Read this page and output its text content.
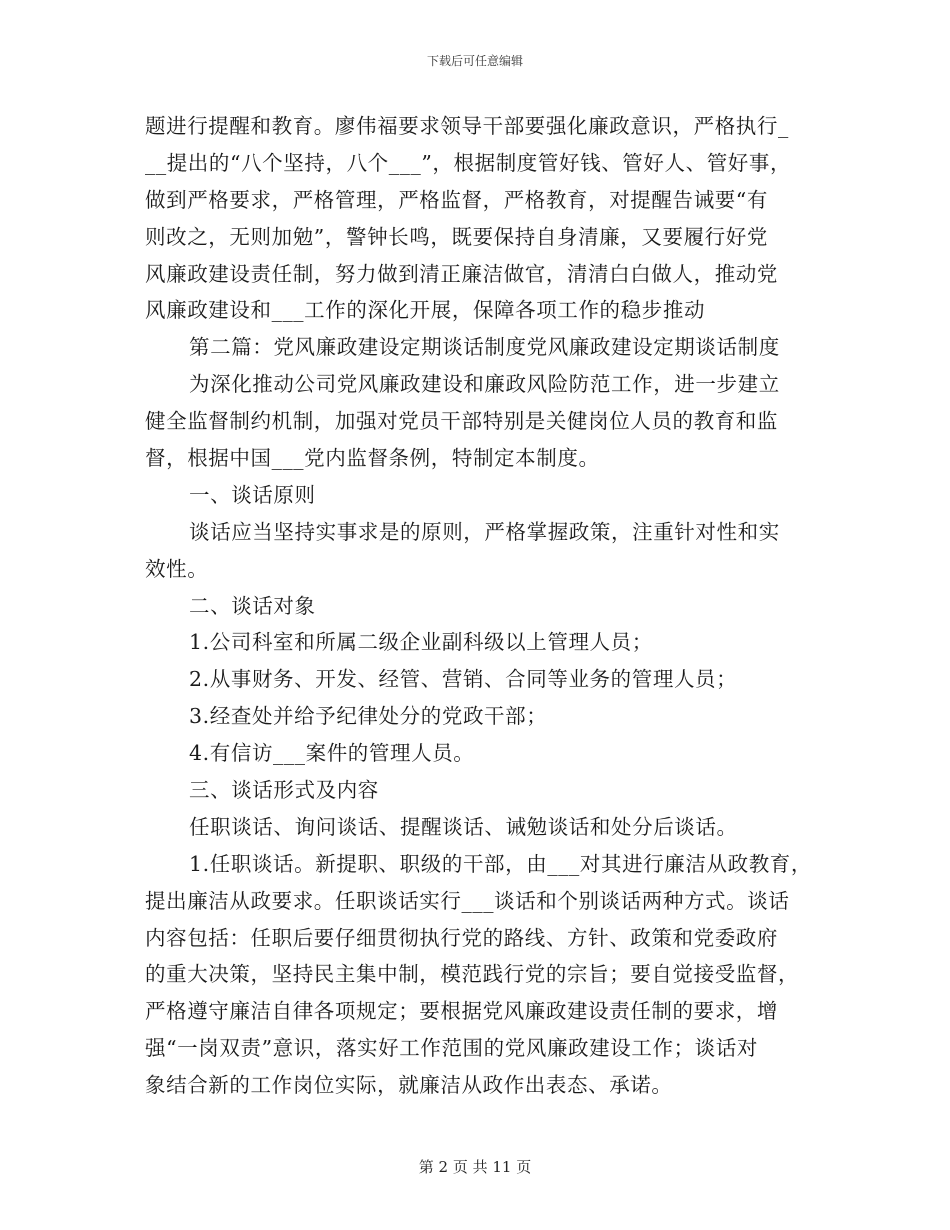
下载后可任意编辑
题进行提醒和教育。廖伟福要求领导干部要强化廉政意识，严格执行_
__提出的“八个坚持，八个___”，根据制度管好钱、管好人、管好事，
做到严格要求，严格管理，严格监督，严格教育，对提醒告诫要“有
则改之，无则加勉”，警钟长鸣，既要保持自身清廉，又要履行好党
风廉政建设责任制，努力做到清正廉洁做官，清清白白做人，推动党
风廉政建设和___工作的深化开展，保障各项工作的稳步推动
第二篇：党风廉政建设定期谈话制度党风廉政建设定期谈话制度
为深化推动公司党风廉政建设和廉政风险防范工作，进一步建立
健全监督制约机制，加强对党员干部特别是关健岗位人员的教育和监
督，根据中国___党内监督条例，特制定本制度。
一、谈话原则
谈话应当坚持实事求是的原则，严格掌握政策，注重针对性和实
效性。
二、谈话对象
1.公司科室和所属二级企业副科级以上管理人员；
2.从事财务、开发、经管、营销、合同等业务的管理人员；
3.经查处并给予纪律处分的党政干部；
4.有信访___案件的管理人员。
三、谈话形式及内容
任职谈话、询问谈话、提醒谈话、诫勉谈话和处分后谈话。
1.任职谈话。新提职、职级的干部，由___对其进行廉洁从政教育，
提出廉洁从政要求。任职谈话实行___谈话和个别谈话两种方式。谈话
内容包括：任职后要仔细贯彻执行党的路线、方针、政策和党委政府
的重大决策，坚持民主集中制，模范践行党的宗旨；要自觉接受监督，
严格遵守廉洁自律各项规定；要根据党风廉政建设责任制的要求，增
强“一岗双责”意识，落实好工作范围的党风廉政建设工作；谈话对
象结合新的工作岗位实际，就廉洁从政作出表态、承诺。
第 2 页 共 11 页
